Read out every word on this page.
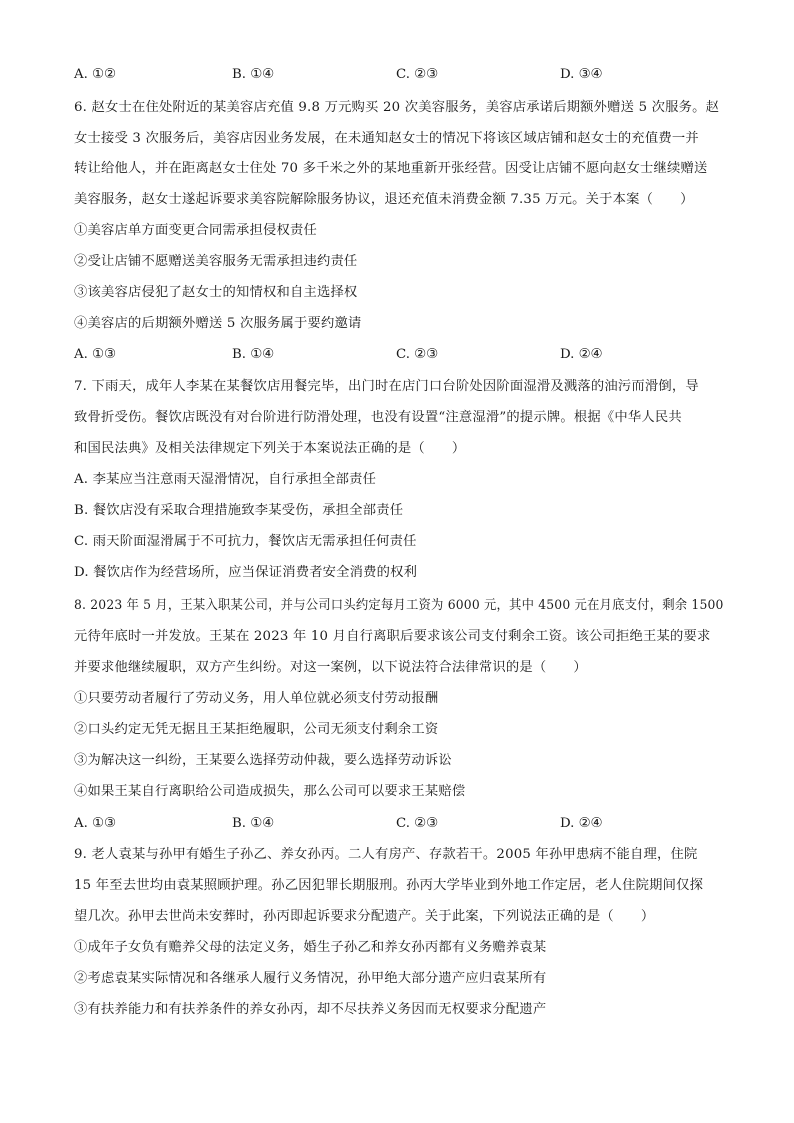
A. ①②	B. ①④	C. ②③	D. ③④
6. 赵女士在住处附近的某美容店充值 9.8 万元购买 20 次美容服务，美容店承诺后期额外赠送 5 次服务。赵
女士接受 3 次服务后，美容店因业务发展，在未通知赵女士的情况下将该区域店铺和赵女士的充值费一并
转让给他人，并在距离赵女士住处 70 多千米之外的某地重新开张经营。因受让店铺不愿向赵女士继续赠送
美容服务，赵女士遂起诉要求美容院解除服务协议，退还充值未消费金额 7.35 万元。关于本案（　　）
①美容店单方面变更合同需承担侵权责任
②受让店铺不愿赠送美容服务无需承担违约责任
③该美容店侵犯了赵女士的知情权和自主选择权
④美容店的后期额外赠送 5 次服务属于要约邀请
A. ①③	B. ①④	C. ②③	D. ②④
7. 下雨天，成年人李某在某餐饮店用餐完毕，出门时在店门口台阶处因阶面湿滑及溅落的油污而滑倒，导
致骨折受伤。餐饮店既没有对台阶进行防滑处理，也没有设置“注意湿滑”的提示牌。根据《中华人民共
和国民法典》及相关法律规定下列关于本案说法正确的是（　　）
A. 李某应当注意雨天湿滑情况，自行承担全部责任
B. 餐饮店没有采取合理措施致李某受伤，承担全部责任
C. 雨天阶面湿滑属于不可抗力，餐饮店无需承担任何责任
D. 餐饮店作为经营场所，应当保证消费者安全消费的权利
8. 2023 年 5 月，王某入职某公司，并与公司口头约定每月工资为 6000 元，其中 4500 元在月底支付，剩余 1500
元待年底时一并发放。王某在 2023 年 10 月自行离职后要求该公司支付剩余工资。该公司拒绝王某的要求
并要求他继续履职，双方产生纠纷。对这一案例，以下说法符合法律常识的是（　　）
①只要劳动者履行了劳动义务，用人单位就必须支付劳动报酬
②口头约定无凭无据且王某拒绝履职，公司无须支付剩余工资
③为解决这一纠纷，王某要么选择劳动仲裁，要么选择劳动诉讼
④如果王某自行离职给公司造成损失，那么公司可以要求王某赔偿
A. ①③	B. ①④	C. ②③	D. ②④
9. 老人袁某与孙甲有婚生子孙乙、养女孙丙。二人有房产、存款若干。2005 年孙甲患病不能自理，住院
15 年至去世均由袁某照顾护理。孙乙因犯罪长期服刑。孙丙大学毕业到外地工作定居，老人住院期间仅探
望几次。孙甲去世尚未安葬时，孙丙即起诉要求分配遗产。关于此案，下列说法正确的是（　　）
①成年子女负有赡养父母的法定义务，婚生子孙乙和养女孙丙都有义务赡养袁某
②考虑袁某实际情况和各继承人履行义务情况，孙甲绝大部分遗产应归袁某所有
③有扶养能力和有扶养条件的养女孙丙，却不尽扶养义务因而无权要求分配遗产
